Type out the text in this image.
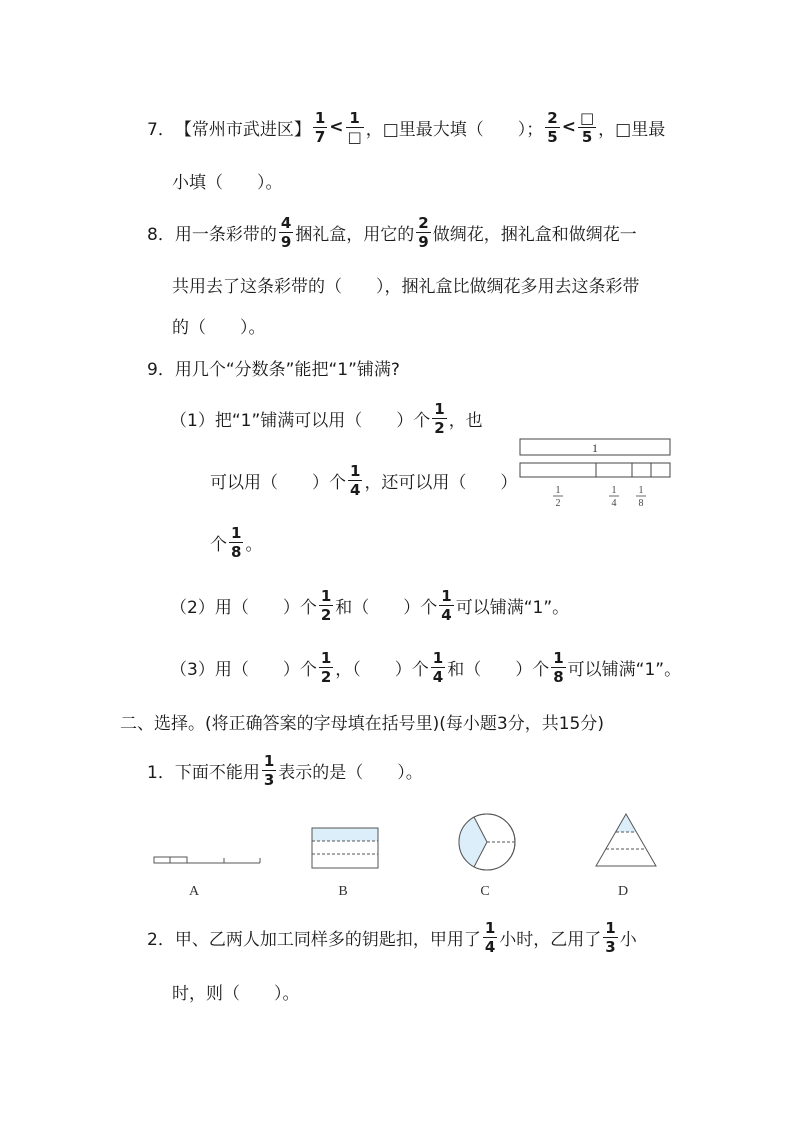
7． 【常州市武进区】
1
7 < 1
□ ，□里最大填（　　）；
2
5 < □
5 ，□里最
小填（　　）。
8． 用一条彩带的
4
9 捆礼盒，用它的
2
9 做绸花，捆礼盒和做绸花一
共用去了这条彩带的（　　），捆礼盒比做绸花多用去这条彩带
的（　　）。
9． 用几个“分数条”能把“1”铺满?
（1）把“1”铺满可以用（　　）个
1
2 ，也
可以用（　　）个
1
4 ，还可以用（　　）
个
1
8 。
1
1
2
1
4
1
8
（2）用（　　）个
1
2 和（　　）个
1
4 可以铺满“1”。
（3）用（　　）个
1
2 ，（　　）个
1
4 和（　　）个
1
8 可以铺满“1”。
二、选择。(将正确答案的字母填在括号里)(每小题3分，共15分)
1． 下面不能用
1
3 表示的是（　　）。
A	B	C	D
2． 甲、乙两人加工同样多的钥匙扣，甲用了
1
4 小时，乙用了
1
3 小
时，则（　　）。
